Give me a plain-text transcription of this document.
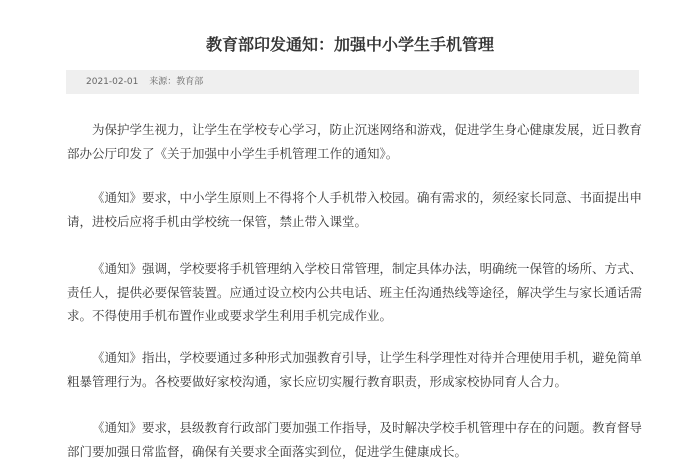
教育部印发通知：加强中小学生手机管理
2021-02-01 来源：教育部

为保护学生视力，让学生在学校专心学习，防止沉迷网络和游戏，促进学生身心健康发展，近日教育部办公厅印发了《关于加强中小学生手机管理工作的通知》。

《通知》要求，中小学生原则上不得将个人手机带入校园。确有需求的，须经家长同意、书面提出申请，进校后应将手机由学校统一保管，禁止带入课堂。

《通知》强调，学校要将手机管理纳入学校日常管理，制定具体办法，明确统一保管的场所、方式、责任人，提供必要保管装置。应通过设立校内公共电话、班主任沟通热线等途径，解决学生与家长通话需求。不得使用手机布置作业或要求学生利用手机完成作业。

《通知》指出，学校要通过多种形式加强教育引导，让学生科学理性对待并合理使用手机，避免简单粗暴管理行为。各校要做好家校沟通，家长应切实履行教育职责，形成家校协同育人合力。

《通知》要求，县级教育行政部门要加强工作指导，及时解决学校手机管理中存在的问题。教育督导部门要加强日常监督，确保有关要求全面落实到位，促进学生健康成长。
